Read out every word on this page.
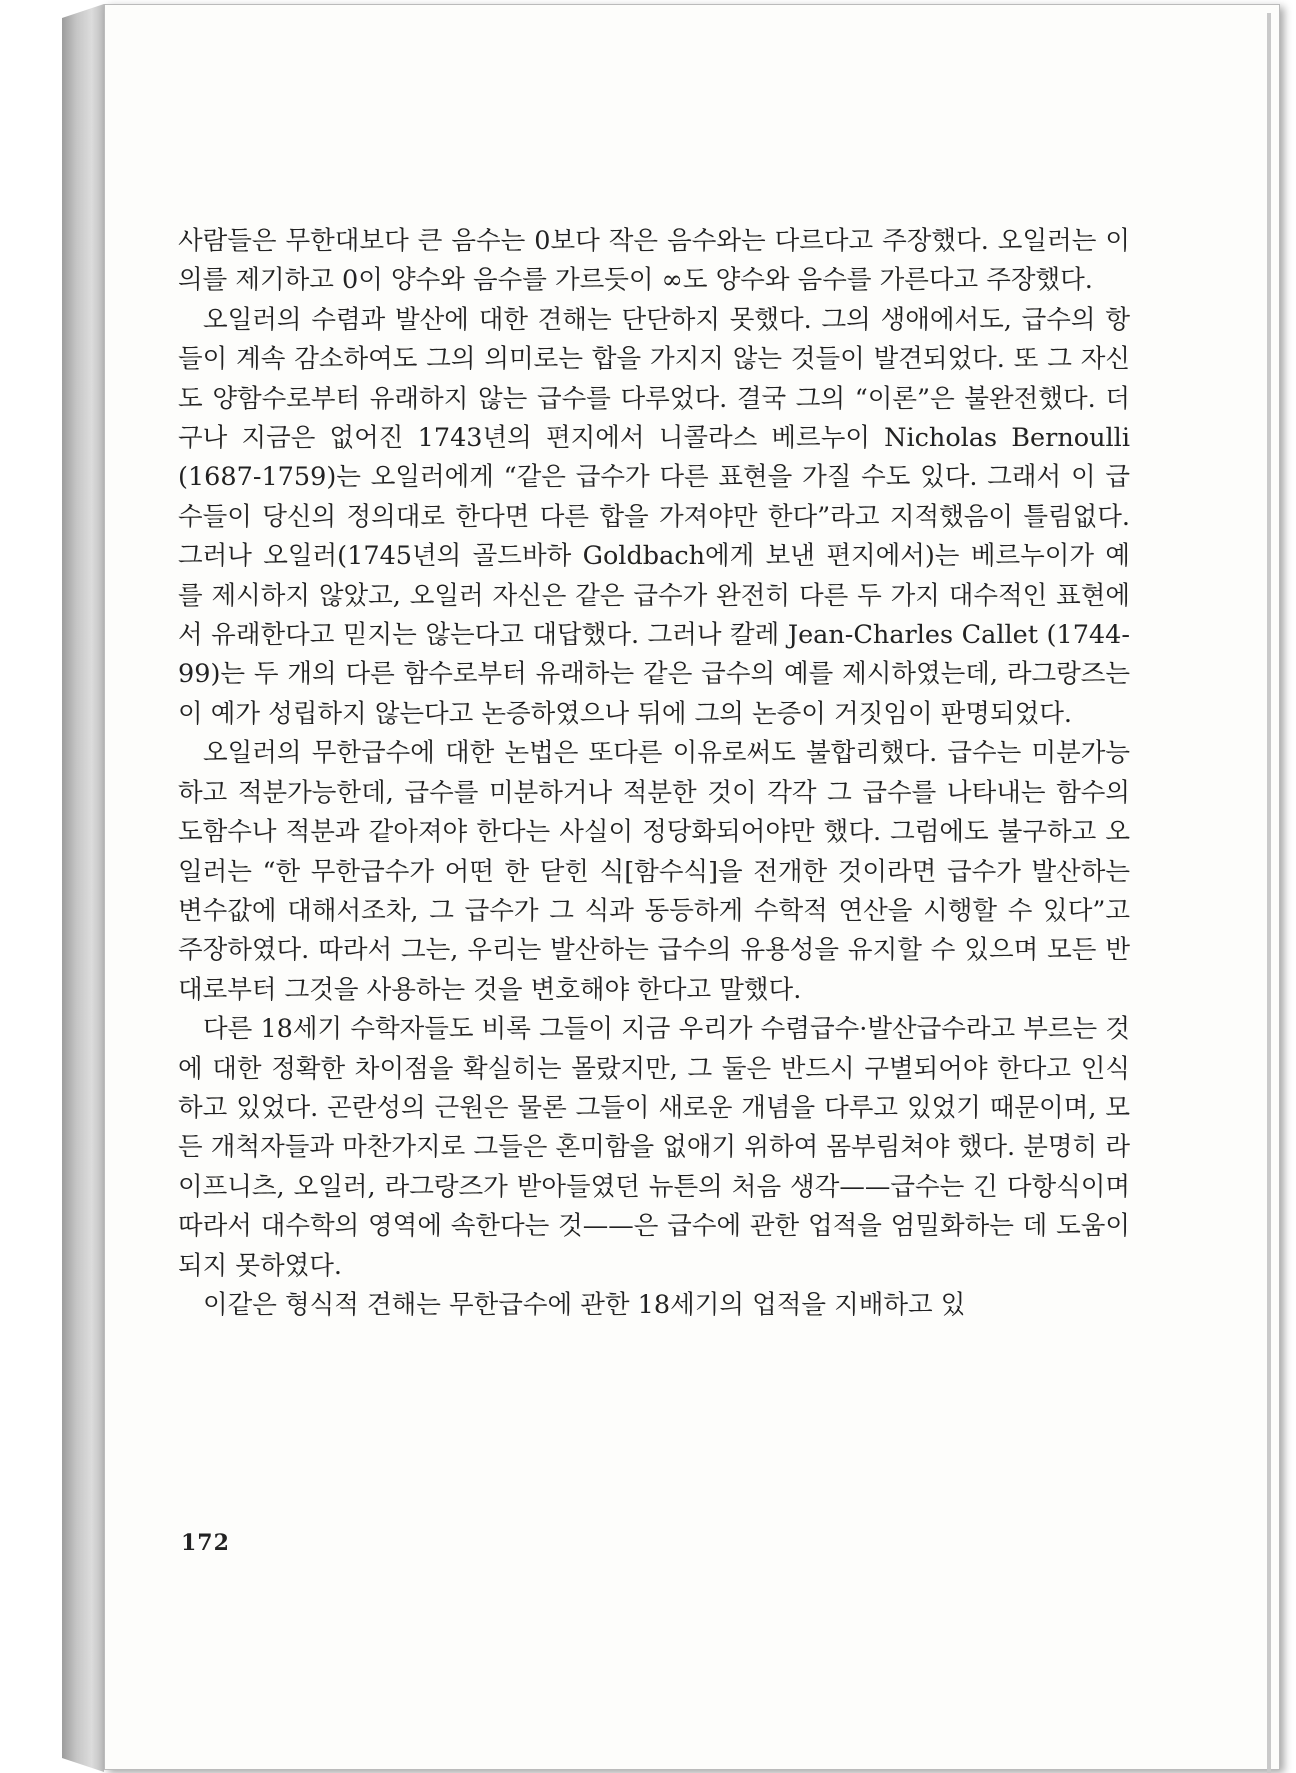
사람들은 무한대보다 큰 음수는 0보다 작은 음수와는 다르다고 주장했다. 오일러는 이의를 제기하고 0이 양수와 음수를 가르듯이 ∞도 양수와 음수를 가른다고 주장했다.

오일러의 수렴과 발산에 대한 견해는 단단하지 못했다. 그의 생애에서도, 급수의 항들이 계속 감소하여도 그의 의미로는 합을 가지지 않는 것들이 발견되었다. 또 그 자신도 양함수로부터 유래하지 않는 급수를 다루었다. 결국 그의 “이론”은 불완전했다. 더구나 지금은 없어진 1743년의 편지에서 니콜라스 베르누이 Nicholas Bernoulli (1687-1759)는 오일러에게 “같은 급수가 다른 표현을 가질 수도 있다. 그래서 이 급수들이 당신의 정의대로 한다면 다른 합을 가져야만 한다”라고 지적했음이 틀림없다. 그러나 오일러(1745년의 골드바하 Goldbach에게 보낸 편지에서)는 베르누이가 예를 제시하지 않았고, 오일러 자신은 같은 급수가 완전히 다른 두 가지 대수적인 표현에서 유래한다고 믿지는 않는다고 대답했다. 그러나 칼레 Jean-Charles Callet (1744-99)는 두 개의 다른 함수로부터 유래하는 같은 급수의 예를 제시하였는데, 라그랑즈는 이 예가 성립하지 않는다고 논증하였으나 뒤에 그의 논증이 거짓임이 판명되었다.

오일러의 무한급수에 대한 논법은 또다른 이유로써도 불합리했다. 급수는 미분가능하고 적분가능한데, 급수를 미분하거나 적분한 것이 각각 그 급수를 나타내는 함수의 도함수나 적분과 같아져야 한다는 사실이 정당화되어야만 했다. 그럼에도 불구하고 오일러는 “한 무한급수가 어떤 한 닫힌 식[함수식]을 전개한 것이라면 급수가 발산하는 변수값에 대해서조차, 그 급수가 그 식과 동등하게 수학적 연산을 시행할 수 있다”고 주장하였다. 따라서 그는, 우리는 발산하는 급수의 유용성을 유지할 수 있으며 모든 반대로부터 그것을 사용하는 것을 변호해야 한다고 말했다.

다른 18세기 수학자들도 비록 그들이 지금 우리가 수렴급수·발산급수라고 부르는 것에 대한 정확한 차이점을 확실히는 몰랐지만, 그 둘은 반드시 구별되어야 한다고 인식하고 있었다. 곤란성의 근원은 물론 그들이 새로운 개념을 다루고 있었기 때문이며, 모든 개척자들과 마찬가지로 그들은 혼미함을 없애기 위하여 몸부림쳐야 했다. 분명히 라이프니츠, 오일러, 라그랑즈가 받아들였던 뉴튼의 처음 생각——급수는 긴 다항식이며 따라서 대수학의 영역에 속한다는 것——은 급수에 관한 업적을 엄밀화하는 데 도움이 되지 못하였다.

이같은 형식적 견해는 무한급수에 관한 18세기의 업적을 지배하고 있

172
